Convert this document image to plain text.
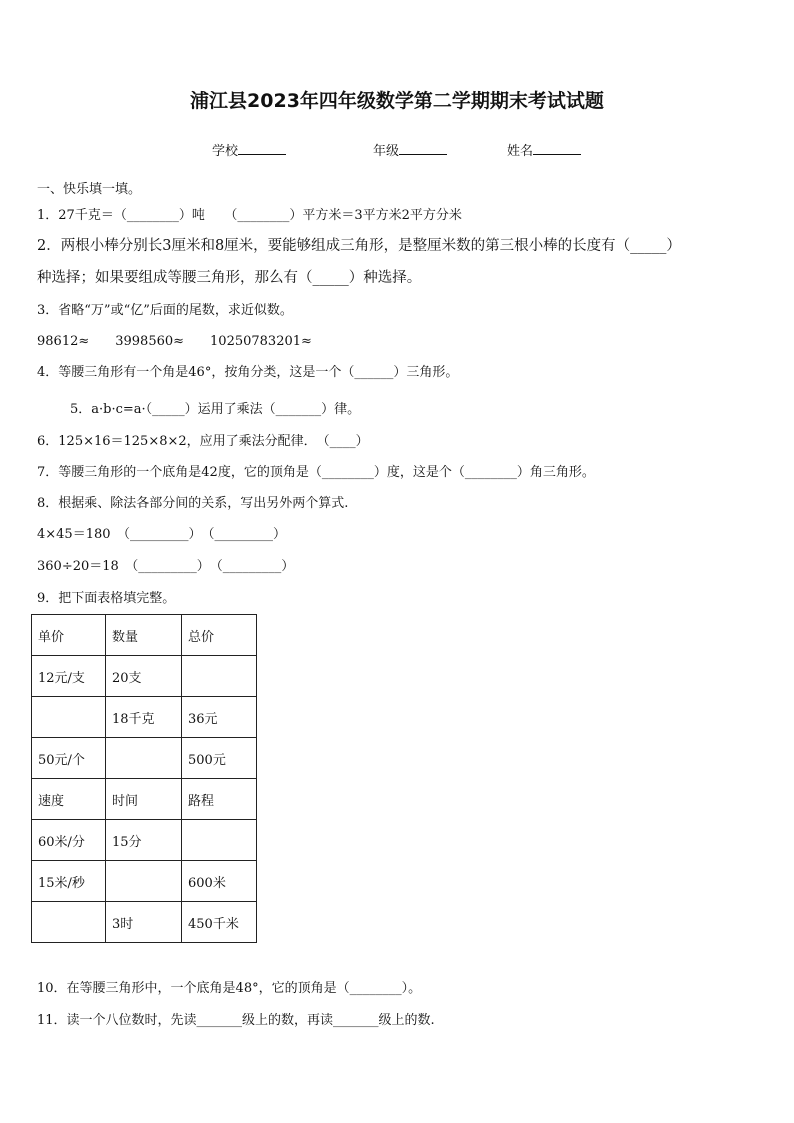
浦江县2023年四年级数学第二学期期末考试试题
学校	年级	姓名
一、快乐填一填。
1．27千克＝（________）吨　　（________）平方米＝3平方米2平方分米
2．两根小棒分别长3厘米和8厘米，要能够组成三角形，是整厘米数的第三根小棒的长度有（_____）
种选择；如果要组成等腰三角形，那么有（_____）种选择。
3．省略“万”或“亿”后面的尾数，求近似数。
98612≈　　3998560≈　　10250783201≈
4．等腰三角形有一个角是46°，按角分类，这是一个（______）三角形。
5．a·b·c=a·（_____）运用了乘法（_______）律。
6．125×16＝125×8×2，应用了乘法分配律．　（____）
7．等腰三角形的一个底角是42度，它的顶角是（________）度，这是个（________）角三角形。
8．根据乘、除法各部分间的关系，写出另外两个算式.
4×45＝180　（_________）　（_________）
360÷20＝18　（_________）　（_________）
9．把下面表格填完整。
单价	数量	总价
12元/支	20支	
	18千克	36元
50元/个		500元
速度	时间	路程
60米/分	15分	
15米/秒		600米
	3时	450千米
10．在等腰三角形中，一个底角是48°，它的顶角是（________）。
11．读一个八位数时，先读_______级上的数，再读_______级上的数.
